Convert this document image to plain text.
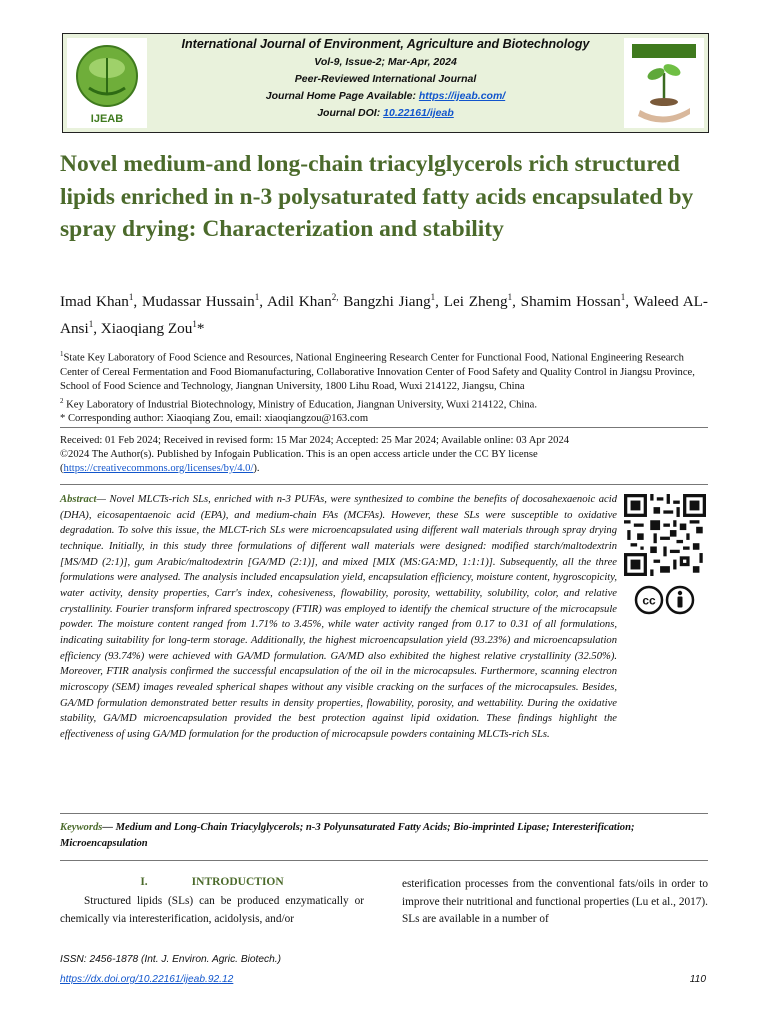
IJEAB
International Journal of Environment, Agriculture and Biotechnology
Vol-9, Issue-2; Mar-Apr, 2024
Peer-Reviewed International Journal
Journal Home Page Available: https://ijeab.com/
Journal DOI: 10.22161/ijeab
Novel medium-and long-chain triacylglycerols rich structured lipids enriched in n-3 polysaturated fatty acids encapsulated by spray drying: Characterization and stability
Imad Khan$^1$, Mudassar Hussain$^1$, Adil Khan$^{2,}$ Bangzhi Jiang$^1$, Lei Zheng$^1$, Shamim Hossan$^1$, Waleed AL-Ansi$^1$, Xiaoqiang Zou$^1$*
$^1$State Key Laboratory of Food Science and Resources, National Engineering Research Center for Functional Food, National Engineering Research Center of Cereal Fermentation and Food Biomanufacturing, Collaborative Innovation Center of Food Safety and Quality Control in Jiangsu Province, School of Food Science and Technology, Jiangnan University, 1800 Lihu Road, Wuxi 214122, Jiangsu, China
$^2$ Key Laboratory of Industrial Biotechnology, Ministry of Education, Jiangnan University, Wuxi 214122, China.
* Corresponding author: Xiaoqiang Zou, email: xiaoqiangzou@163.com
Received: 01 Feb 2024; Received in revised form: 15 Mar 2024; Accepted: 25 Mar 2024; Available online: 03 Apr 2024
©2024 The Author(s). Published by Infogain Publication. This is an open access article under the CC BY license
(https://creativecommons.org/licenses/by/4.0/).
Abstract— Novel MLCTs-rich SLs, enriched with n-3 PUFAs, were synthesized to combine the benefits of docosahexaenoic acid (DHA), eicosapentaenoic acid (EPA), and medium-chain FAs (MCFAs). However, these SLs were susceptible to oxidative degradation. To solve this issue, the MLCT-rich SLs were microencapsulated using different wall materials through spray drying technique. Initially, in this study three formulations of different wall materials were designed: modified starch/maltodextrin [MS/MD (2:1)], gum Arabic/maltodextrin [GA/MD (2:1)], and mixed [MIX (MS:GA:MD, 1:1:1)]. Subsequently, all the three formulations were analysed. The analysis included encapsulation yield, encapsulation efficiency, moisture content, hygroscopicity, water activity, density properties, Carr's index, cohesiveness, flowability, porosity, wettability, solubility, color, and relative crystallinity. Fourier transform infrared spectroscopy (FTIR) was employed to identify the chemical structure of the microcapsule powder. The moisture content ranged from 1.71% to 3.45%, while water activity ranged from 0.17 to 0.31 of all formulations, indicating suitability for long-term storage. Additionally, the highest microencapsulation yield (93.23%) and microencapsulation efficiency (93.74%) were achieved with GA/MD formulation. GA/MD also exhibited the highest relative crystallinity (32.50%). Moreover, FTIR analysis confirmed the successful encapsulation of the oil in the microcapsules. Furthermore, scanning electron microscopy (SEM) images revealed spherical shapes without any visible cracking on the surfaces of the microcapsules. Besides, GA/MD formulation demonstrated better results in density properties, flowability, porosity, and wettability. During the oxidative stability, GA/MD microencapsulation provided the best protection against lipid oxidation. These findings highlight the effectiveness of using GA/MD formulation for the production of microcapsule powders containing MLCTs-rich SLs.
cc
Keywords— Medium and Long-Chain Triacylglycerols; n-3 Polyunsaturated Fatty Acids; Bio-imprinted Lipase; Interesterification; Microencapsulation
I.	INTRODUCTION
Structured lipids (SLs) can be produced enzymatically or chemically via interesterification, acidolysis, and/or
esterification processes from the conventional fats/oils in order to improve their nutritional and functional properties (Lu et al., 2017). SLs are available in a number of
ISSN: 2456-1878 (Int. J. Environ. Agric. Biotech.)
https://dx.doi.org/10.22161/ijeab.92.12	110
